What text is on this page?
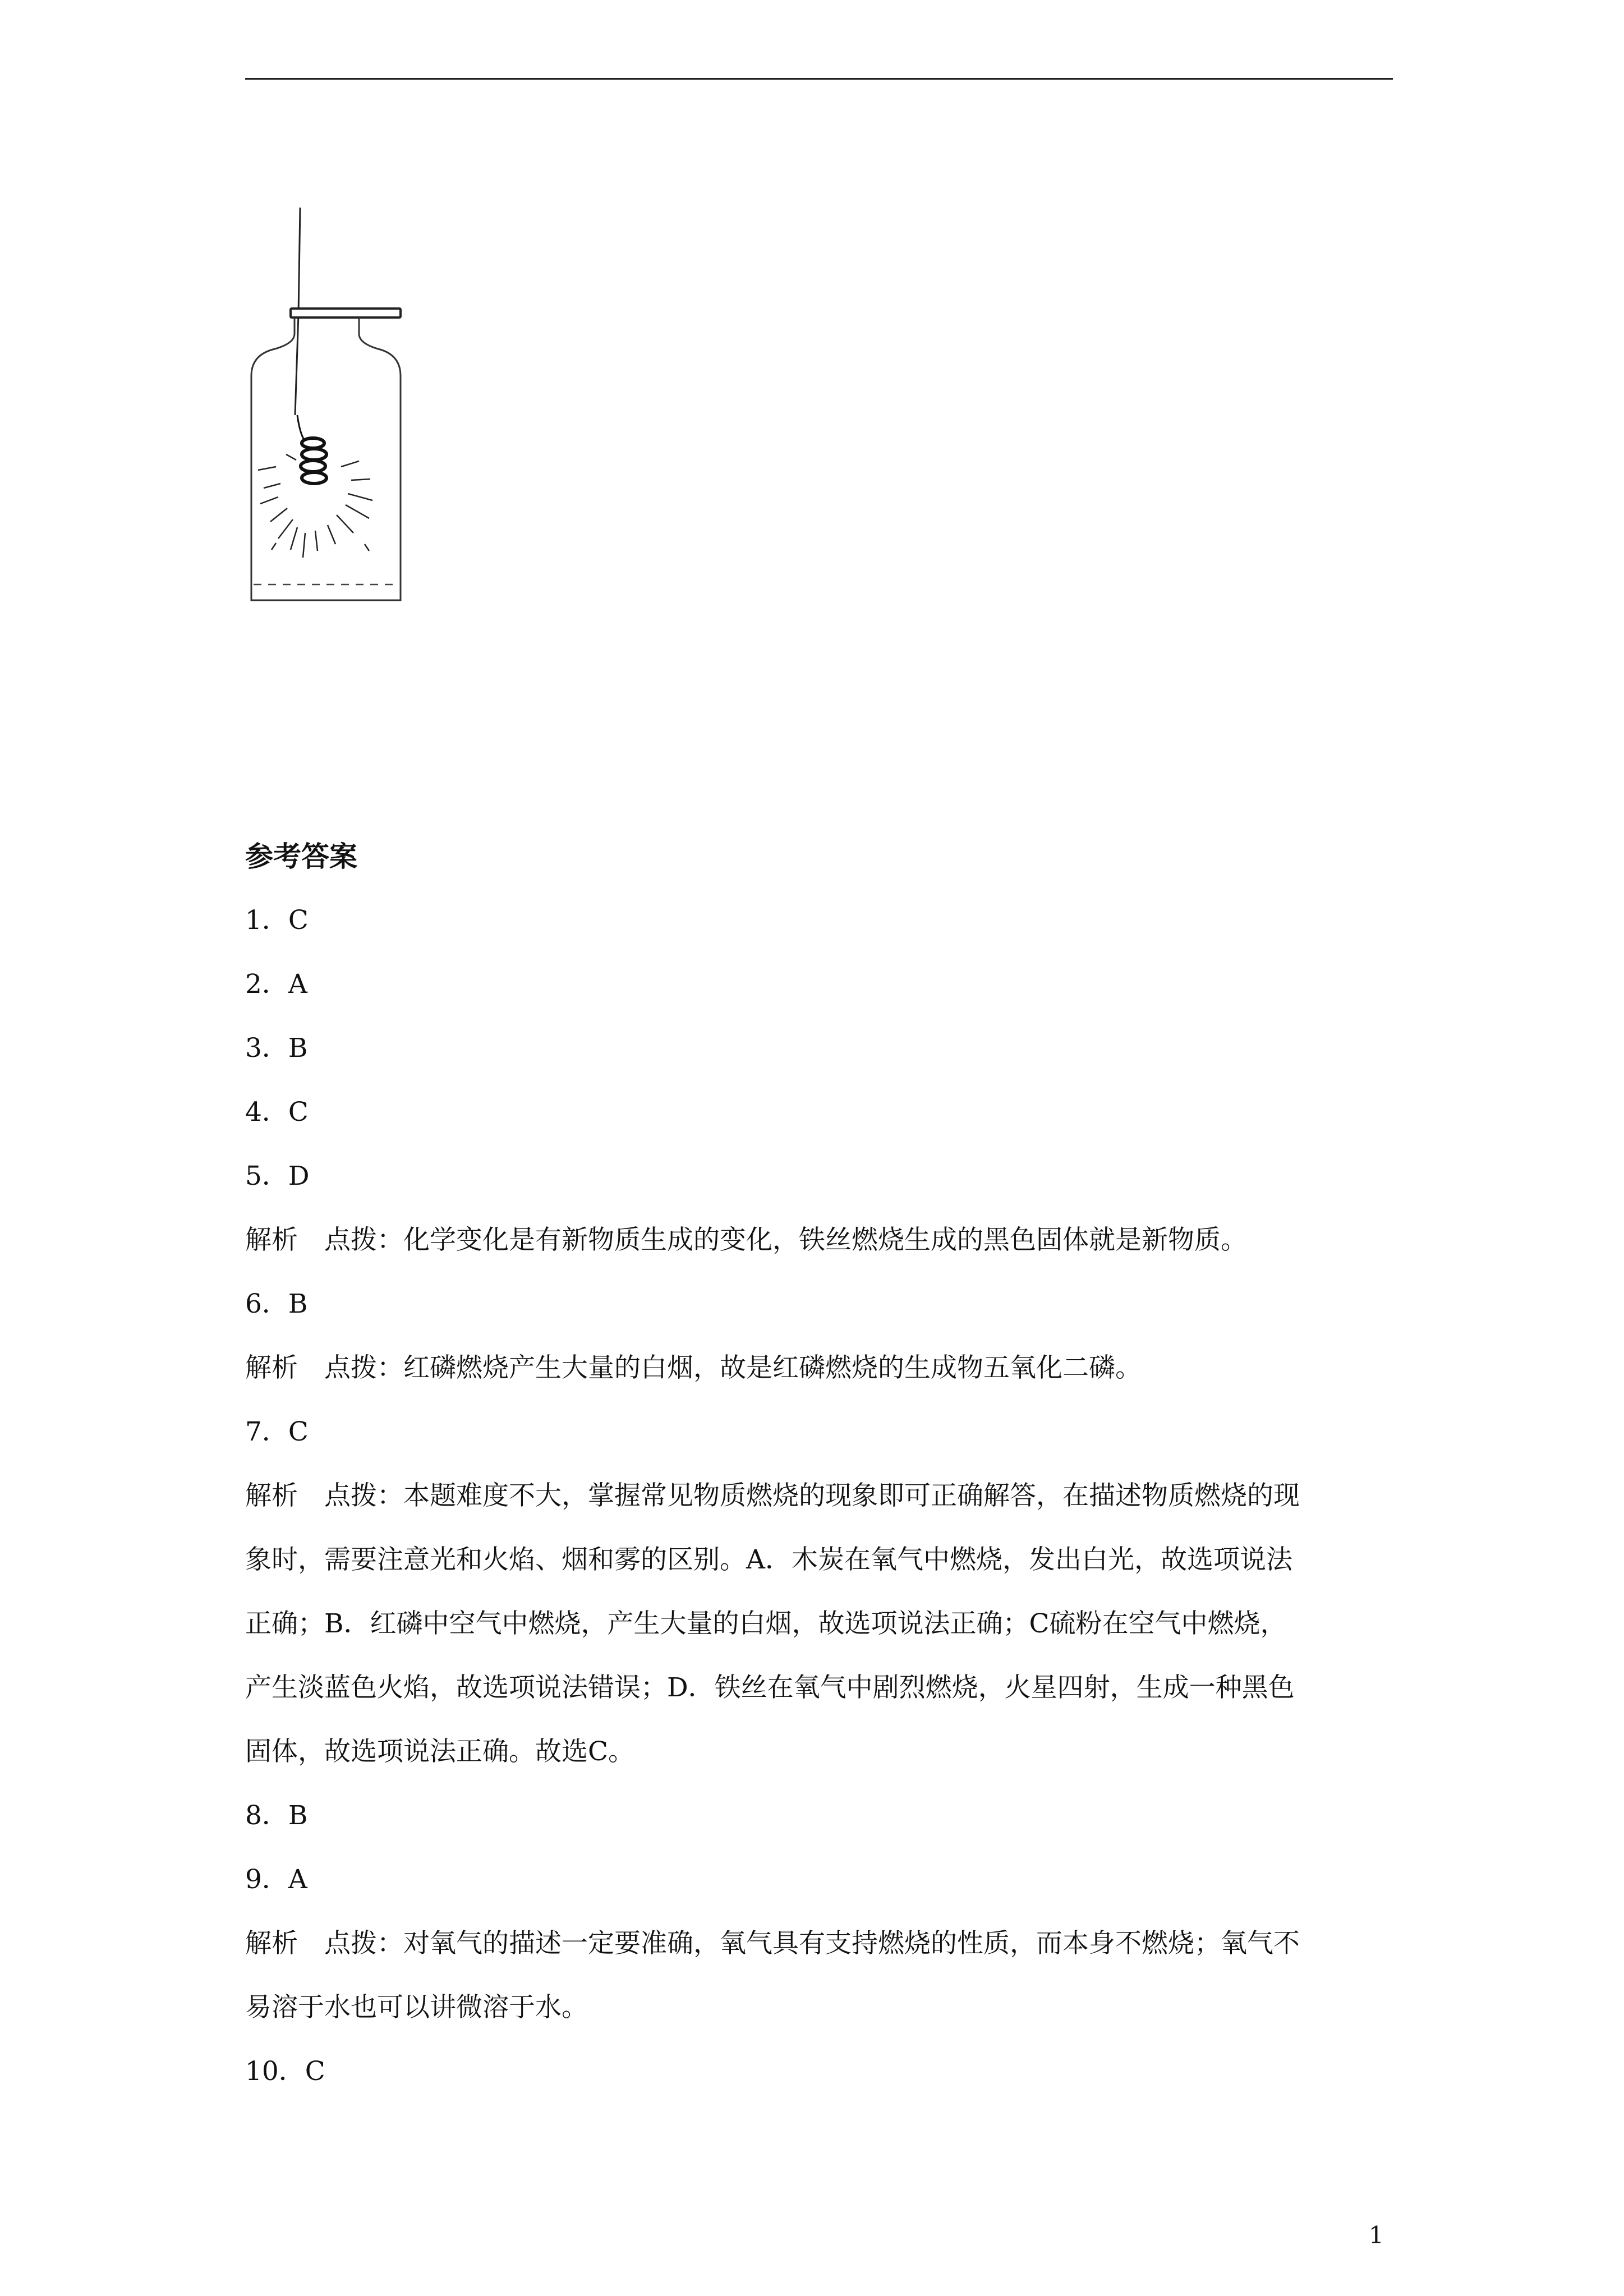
参考答案

1．C

2．A

3．B

4．C

5．D

解析　点拨：化学变化是有新物质生成的变化，铁丝燃烧生成的黑色固体就是新物质。

6．B

解析　点拨：红磷燃烧产生大量的白烟，故是红磷燃烧的生成物五氧化二磷。

7．C

解析　点拨：本题难度不大，掌握常见物质燃烧的现象即可正确解答，在描述物质燃烧的现

象时，需要注意光和火焰、烟和雾的区别。A．木炭在氧气中燃烧，发出白光，故选项说法

正确；B．红磷中空气中燃烧，产生大量的白烟，故选项说法正确；C硫粉在空气中燃烧，

产生淡蓝色火焰，故选项说法错误；D．铁丝在氧气中剧烈燃烧，火星四射，生成一种黑色

固体，故选项说法正确。故选C。

8．B

9．A

解析　点拨：对氧气的描述一定要准确，氧气具有支持燃烧的性质，而本身不燃烧；氧气不

易溶于水也可以讲微溶于水。

10．C

1
